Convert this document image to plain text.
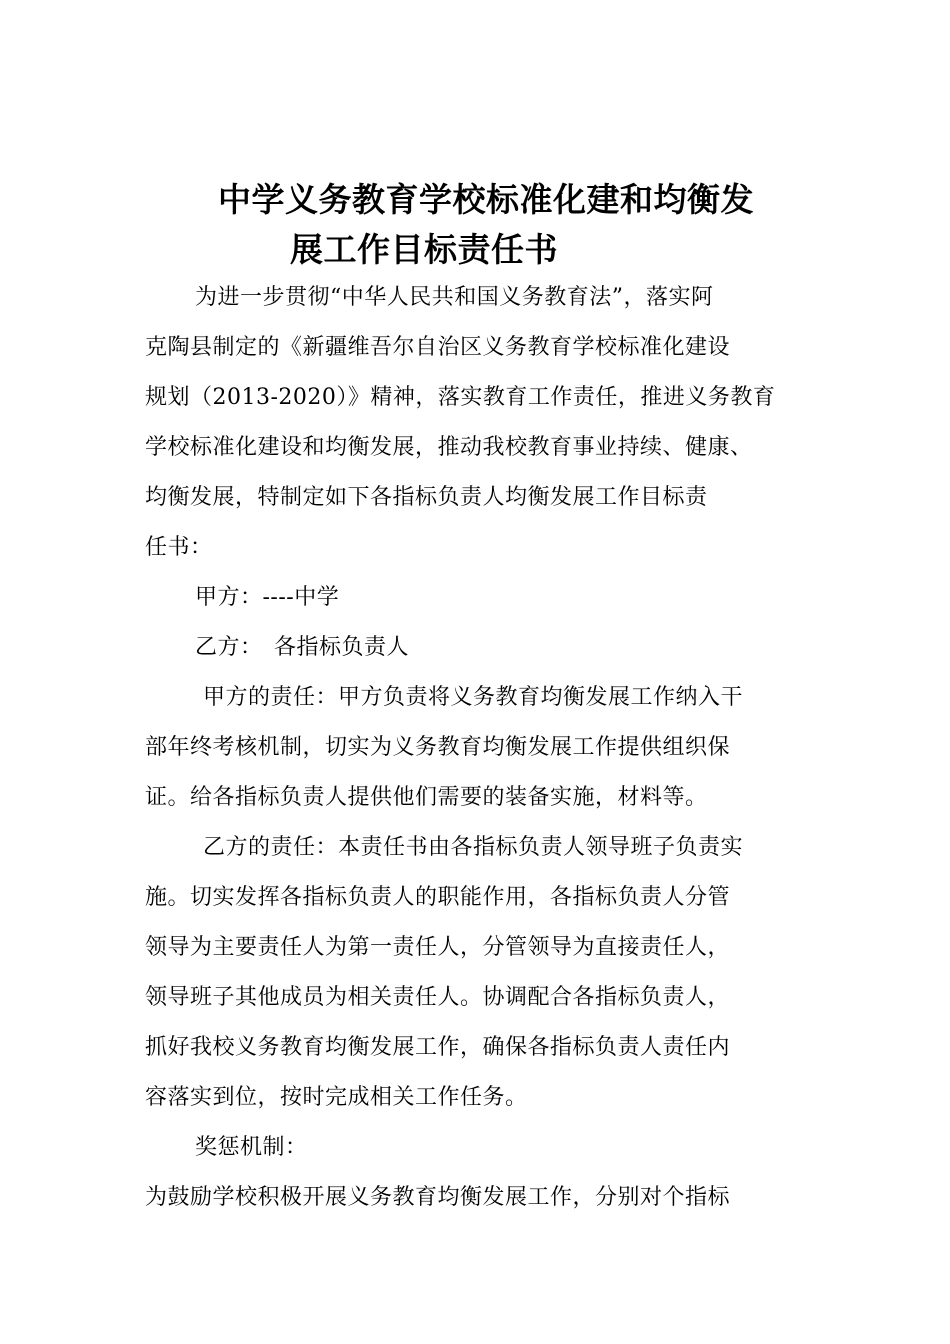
中学义务教育学校标准化建和均衡发
展工作目标责任书
为进一步贯彻“中华人民共和国义务教育法”，落实阿
克陶县制定的《新疆维吾尔自治区义务教育学校标准化建设
规划（2013-2020）》精神，落实教育工作责任，推进义务教育
学校标准化建设和均衡发展，推动我校教育事业持续、健康、
均衡发展，特制定如下各指标负责人均衡发展工作目标责
任书：
甲方：----中学
乙方：　各指标负责人
甲方的责任：甲方负责将义务教育均衡发展工作纳入干
部年终考核机制，切实为义务教育均衡发展工作提供组织保
证。给各指标负责人提供他们需要的装备实施，材料等。
乙方的责任：本责任书由各指标负责人领导班子负责实
施。切实发挥各指标负责人的职能作用，各指标负责人分管
领导为主要责任人为第一责任人，分管领导为直接责任人，
领导班子其他成员为相关责任人。协调配合各指标负责人，
抓好我校义务教育均衡发展工作，确保各指标负责人责任内
容落实到位，按时完成相关工作任务。
奖惩机制：
为鼓励学校积极开展义务教育均衡发展工作，分别对个指标
